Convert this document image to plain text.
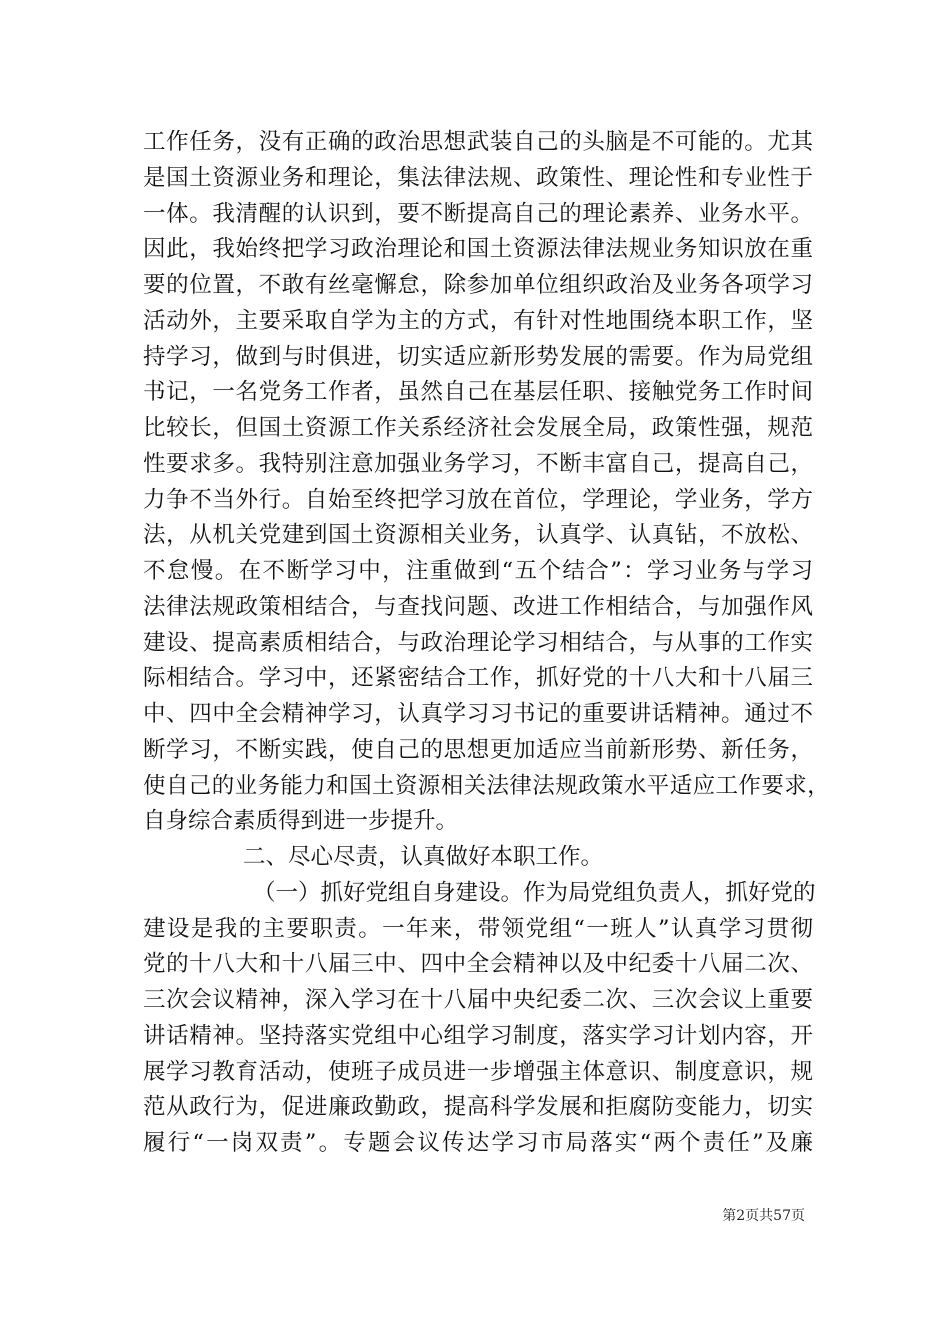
工作任务，没有正确的政治思想武装自己的头脑是不可能的。尤其
是国土资源业务和理论，集法律法规、政策性、理论性和专业性于
一体。我清醒的认识到，要不断提高自己的理论素养、业务水平。
因此，我始终把学习政治理论和国土资源法律法规业务知识放在重
要的位置，不敢有丝毫懈怠，除参加单位组织政治及业务各项学习
活动外，主要采取自学为主的方式，有针对性地围绕本职工作，坚
持学习，做到与时俱进，切实适应新形势发展的需要。作为局党组
书记，一名党务工作者，虽然自己在基层任职、接触党务工作时间
比较长，但国土资源工作关系经济社会发展全局，政策性强，规范
性要求多。我特别注意加强业务学习，不断丰富自己，提高自己，
力争不当外行。自始至终把学习放在首位，学理论，学业务，学方
法，从机关党建到国土资源相关业务，认真学、认真钻，不放松、
不怠慢。在不断学习中，注重做到“五个结合”：学习业务与学习
法律法规政策相结合，与查找问题、改进工作相结合，与加强作风
建设、提高素质相结合，与政治理论学习相结合，与从事的工作实
际相结合。学习中，还紧密结合工作，抓好党的十八大和十八届三
中、四中全会精神学习，认真学习习书记的重要讲话精神。通过不
断学习，不断实践，使自己的思想更加适应当前新形势、新任务，
使自己的业务能力和国土资源相关法律法规政策水平适应工作要求，
自身综合素质得到进一步提升。
二、尽心尽责，认真做好本职工作。
（一）抓好党组自身建设。作为局党组负责人，抓好党的
建设是我的主要职责。一年来，带领党组“一班人”认真学习贯彻
党的十八大和十八届三中、四中全会精神以及中纪委十八届二次、
三次会议精神，深入学习在十八届中央纪委二次、三次会议上重要
讲话精神。坚持落实党组中心组学习制度，落实学习计划内容，开
展学习教育活动，使班子成员进一步增强主体意识、制度意识，规
范从政行为，促进廉政勤政，提高科学发展和拒腐防变能力，切实
履行“一岗双责”。专题会议传达学习市局落实“两个责任”及廉
第2页共57页
